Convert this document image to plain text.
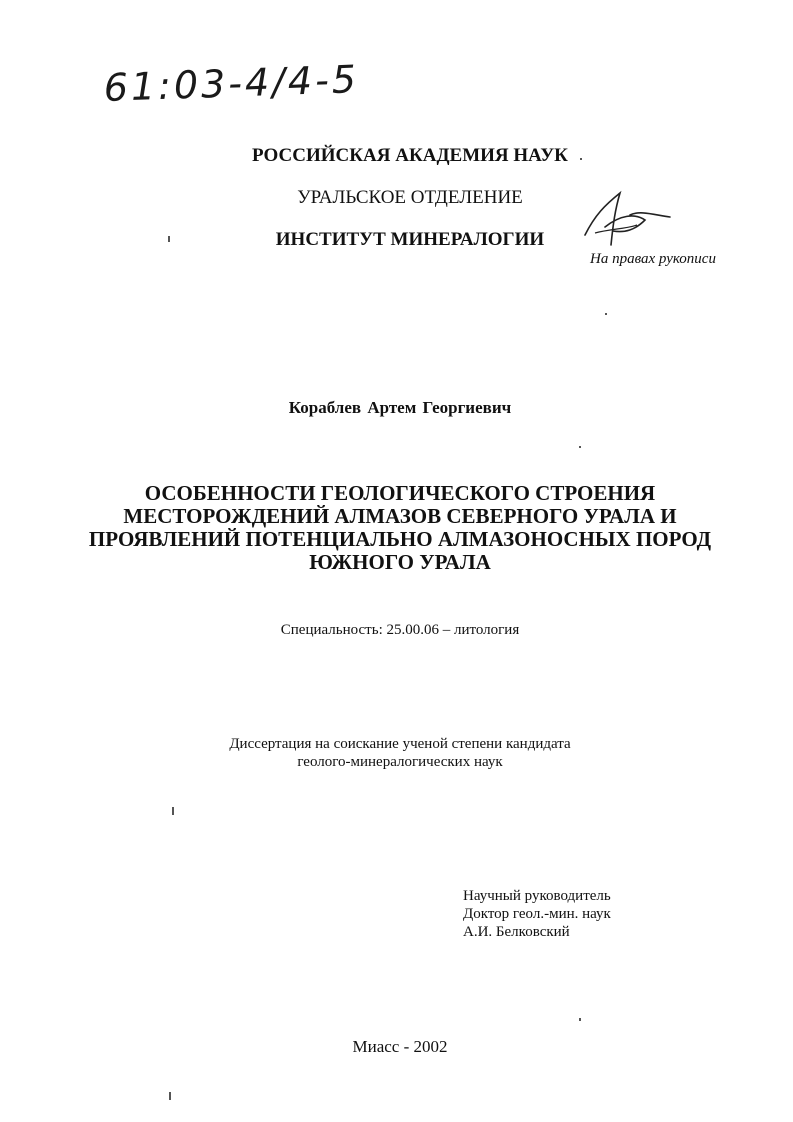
61:03-4/4-5
РОССИЙСКАЯ АКАДЕМИЯ НАУК
УРАЛЬСКОЕ ОТДЕЛЕНИЕ
ИНСТИТУТ МИНЕРАЛОГИИ
На правах рукописи
Кораблев Артем Георгиевич
ОСОБЕННОСТИ ГЕОЛОГИЧЕСКОГО СТРОЕНИЯ
МЕСТОРОЖДЕНИЙ АЛМАЗОВ СЕВЕРНОГО УРАЛА И
ПРОЯВЛЕНИЙ ПОТЕНЦИАЛЬНО АЛМАЗОНОСНЫХ ПОРОД
ЮЖНОГО УРАЛА
Специальность: 25.00.06 – литология
Диссертация на соискание ученой степени кандидата
геолого-минералогических наук
Научный руководитель
Доктор геол.-мин. наук
А.И. Белковский
Миасс - 2002
